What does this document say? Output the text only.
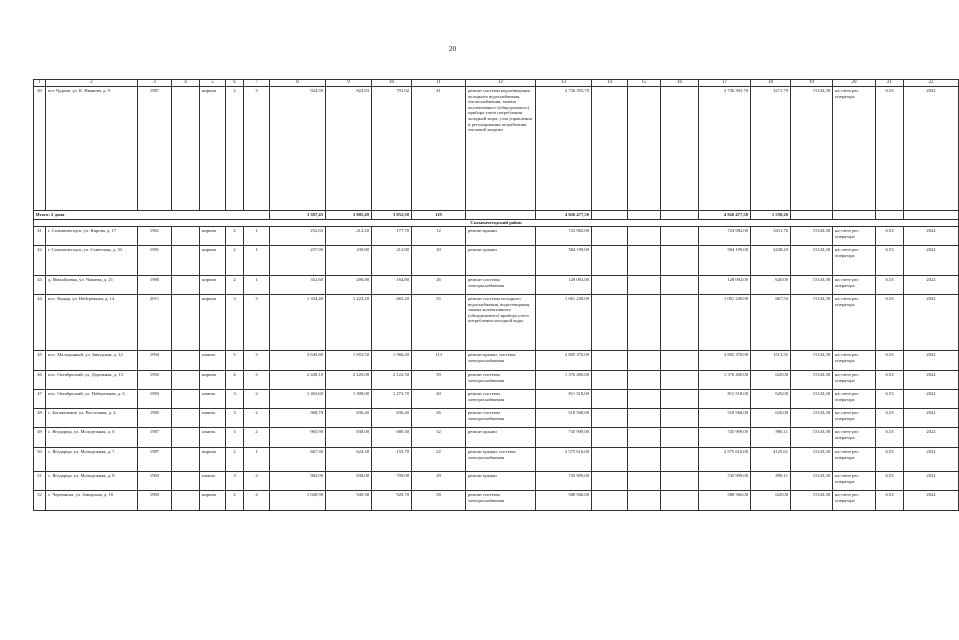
20
1	2	3	4	5	6	7	8	9	10	11	12	13	14	15	16	17	18	19	20	21	22
40	пгт Урдома, ул. К. Иванова, д. 9	1987		кирпич	2	3	924,59	824,83	791,92	41	ремонт системы водоотведения, холодного водоснабжения, теплоснабжения, замена коллективного (общедомового) прибора учета потребления холодной воды, узла управления и регулирования потребления тепловой энергии	2 736 393,70				2 736 393,70	3271,79	15143,38	на счете рег. оператора	6,53	2022
Итого: 2 дома							3 387,45	3 005,49	3 052,58	119		4 826 477,50				4 826 477,50	1 550,20				
Сольвычегодский район																					
41	г. Сольвычегодск, ул. Кирова, д. 17	1961		кирпич	2	1	252,65	212,20	177,70	12	ремонт крыши	723 982,00				723 982,00	3411,70	15143,38	на счете рег. оператора	6,53	2022
42	г. Сольвычегодск, ул. Советская, д. 33	1981		кирпич	2	1	257,90	239,80	212,80	20	ремонт крыши	584 199,00				584 199,00	2438,23	15143,38	на счете рег. оператора	6,53	2022
43	д. Михайловка, ул. Чапаева, д. 21	1980		кирпич	2	1	352,60	206,80	164,80	26	ремонт системы электроснабжения	128 092,00				128 092,00	620,00	15143,38	на счете рег. оператора	6,53	2022
44	пос. Кодыр, ул. Набережная, д. 14	2011		кирпич	3	3	1 334,40	1 223,20	665,20	55	ремонт системы холодного водоснабжения, водоотведения, замена коллективного (общедомового) прибора учета потребления холодной воды	1 061 249,00				1 061 249,00	867,53	15143,38	на счете рег. оператора	6,53	2022
45	пос. Малодонный, ул. Заводская, д. 12	1994		панель	5	3	3 645,80	1 853,50	1 566,20	113	ремонт крыши, системы электроснабжения	2 805 370,00				2 805 370,00	1513,55	15143,38	на счете рег. оператора	6,53	2022
46	пос. Октябрьский, ул. Дорожная, д. 13	1992		кирпич	4	3	2 449,10	2 220,00	2 122,50	59	ремонт системы электроснабжения	1 376 400,00				1 376 400,00	620,00	15143,38	на счете рег. оператора	6,53	2022
47	пос. Октябрьский, ул. Набережная, д. 6	1983		панель	3	2	1 463,60	1 308,00	1 273,70	40	ремонт системы электроснабжения	811 518,00				811 518,00	620,00	15143,38	на счете рег. оператора	6,53	2022
48	с. Богоявление, ул. Восточная, д. 2	1985		панель	3	2	968,70	836,40	836,40	26	ремонт системы электроснабжения	518 568,00				518 568,00	620,00	15143,38	на счете рег. оператора	6,53	2022
49	с. Ягодарцы, ул. Молодежная, д. 6	1987		панель	3	2	965,90	838,00	680,30	32	ремонт крыши	745 909,00				745 909,00	890,11	15143,38	на счете рег. оператора	6,53	2022
50	с. Ягодарцы, ул. Молодежная, д. 7	1987		кирпич	2	1	667,30	624,30	155,70	22	ремонт крыши, системы электроснабжения	2 575 616,00				2 575 616,00	4125,61	15143,38	на счете рег. оператора	6,53	2022
51	с. Ягодарцы, ул. Молодежная, д. 8	1983		панель	3	2	963,90	838,00	709,00	29	ремонт крыши	745 909,00				745 909,00	890,11	15143,38	на счете рег. оператора	6,53	2022
52	с. Черемиска, ул. Заводская, д. 10	1983		кирпич	2	4	1 040,90	949,30	920,70	58	ремонт системы электроснабжения	588 566,00				588 566,00	620,00	15143,38	на счете рег. оператора	6,53	2022
